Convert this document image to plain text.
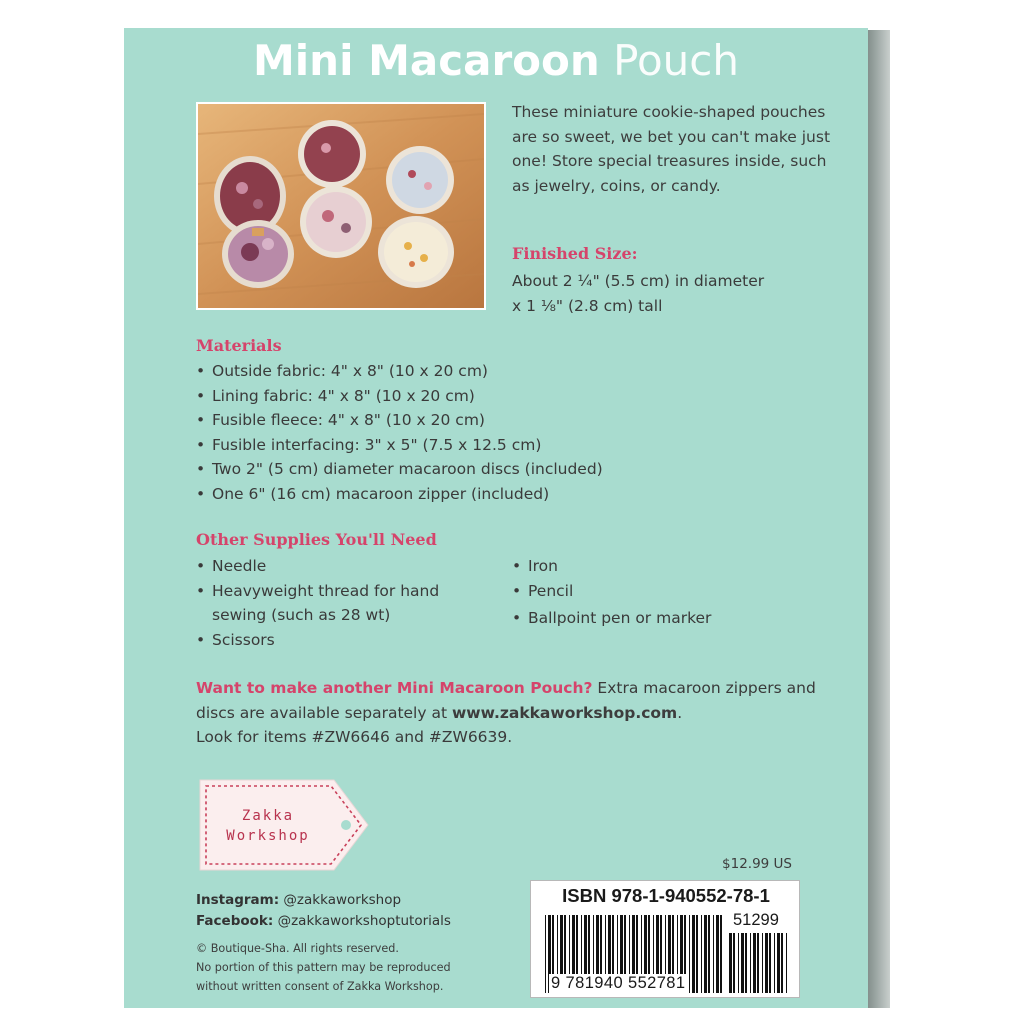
Mini Macaroon Pouch
These miniature cookie-shaped pouches are so sweet, we bet you can't make just one! Store special treasures inside, such as jewelry, coins, or candy.
Finished Size:
About 2 ¼" (5.5 cm) in diameter
x 1 ⅛" (2.8 cm) tall
Materials
• Outside fabric: 4" x 8" (10 x 20 cm)
• Lining fabric: 4" x 8" (10 x 20 cm)
• Fusible fleece: 4" x 8" (10 x 20 cm)
• Fusible interfacing: 3" x 5" (7.5 x 12.5 cm)
• Two 2" (5 cm) diameter macaroon discs (included)
• One 6" (16 cm) macaroon zipper (included)
Other Supplies You'll Need
• Needle
• Heavyweight thread for hand sewing (such as 28 wt)
• Scissors
• Iron
• Pencil
• Ballpoint pen or marker
Want to make another Mini Macaroon Pouch? Extra macaroon zippers and discs are available separately at www.zakkaworkshop.com.
Look for items #ZW6646 and #ZW6639.
Zakka
Workshop
$12.99 US
Instagram: @zakkaworkshop
Facebook: @zakkaworkshoptutorials
© Boutique-Sha. All rights reserved.
No portion of this pattern may be reproduced
without written consent of Zakka Workshop.
ISBN 978-1-940552-78-1
51299
9 781940 552781
